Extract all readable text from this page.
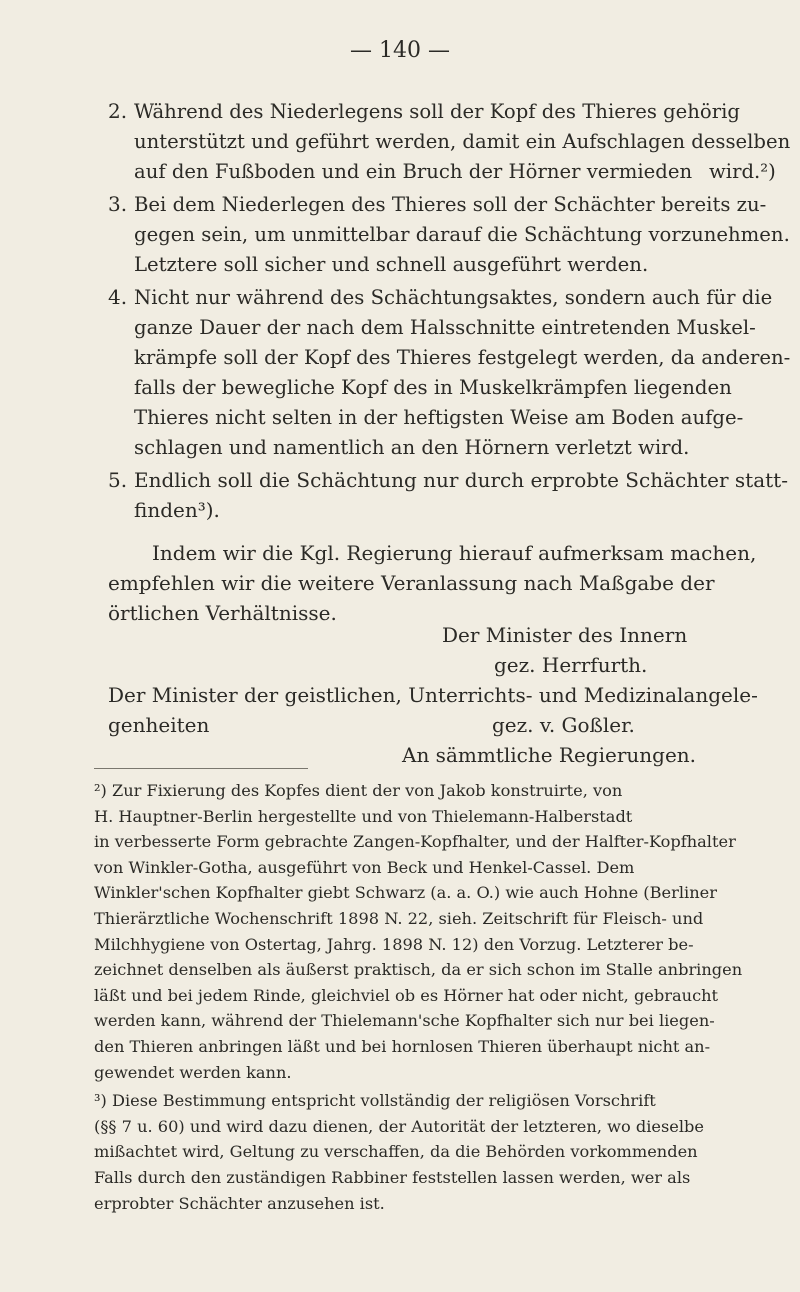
— 140 —
2. Während des Niederlegens soll der Kopf des Thieres gehörig unterstützt und geführt werden, damit ein Aufschlagen desselben auf den Fußboden und ein Bruch der Hörner vermieden wird.²)
3. Bei dem Niederlegen des Thieres soll der Schächter bereits zu- gegen sein, um unmittelbar darauf die Schächtung vorzunehmen. Letztere soll sicher und schnell ausgeführt werden.
4. Nicht nur während des Schächtungsaktes, sondern auch für die ganze Dauer der nach dem Halsschnitte eintretenden Muskel- krämpfe soll der Kopf des Thieres festgelegt werden, da anderen- falls der bewegliche Kopf des in Muskelkrämpfen liegenden Thieres nicht selten in der heftigsten Weise am Boden aufge- schlagen und namentlich an den Hörnern verletzt wird.
5. Endlich soll die Schächtung nur durch erprobte Schächter statt-
finden³).
Indem wir die Kgl. Regierung hierauf aufmerksam machen,
empfehlen wir die weitere Veranlassung nach Maßgabe der
örtlichen Verhältnisse.
Der Minister des Innern
gez. Herrfurth.
Der Minister der geistlichen, Unterrichts- und Medizinalangele-
genheiten	gez. v. Goßler.
An sämmtliche Regierungen.
²) Zur Fixierung des Kopfes dient der von Jakob konstruirte, von
H. Hauptner-Berlin hergestellte und von Thielemann-Halberstadt
in verbesserte Form gebrachte Zangen-Kopfhalter, und der Halfter-Kopfhalter
von Winkler-Gotha, ausgeführt von Beck und Henkel-Cassel. Dem
Winkler'schen Kopfhalter giebt Schwarz (a. a. O.) wie auch Hohne (Berliner
Thierärztliche Wochenschrift 1898 N. 22, sieh. Zeitschrift für Fleisch- und
Milchhygiene von Ostertag, Jahrg. 1898 N. 12) den Vorzug. Letzterer be-
zeichnet denselben als äußerst praktisch, da er sich schon im Stalle anbringen
läßt und bei jedem Rinde, gleichviel ob es Hörner hat oder nicht, gebraucht
werden kann, während der Thielemann'sche Kopfhalter sich nur bei liegen-
den Thieren anbringen läßt und bei hornlosen Thieren überhaupt nicht an-
gewendet werden kann.
³) Diese Bestimmung entspricht vollständig der religiösen Vorschrift
(§§ 7 u. 60) und wird dazu dienen, der Autorität der letzteren, wo dieselbe
mißachtet wird, Geltung zu verschaffen, da die Behörden vorkommenden
Falls durch den zuständigen Rabbiner feststellen lassen werden, wer als
erprobter Schächter anzusehen ist.
